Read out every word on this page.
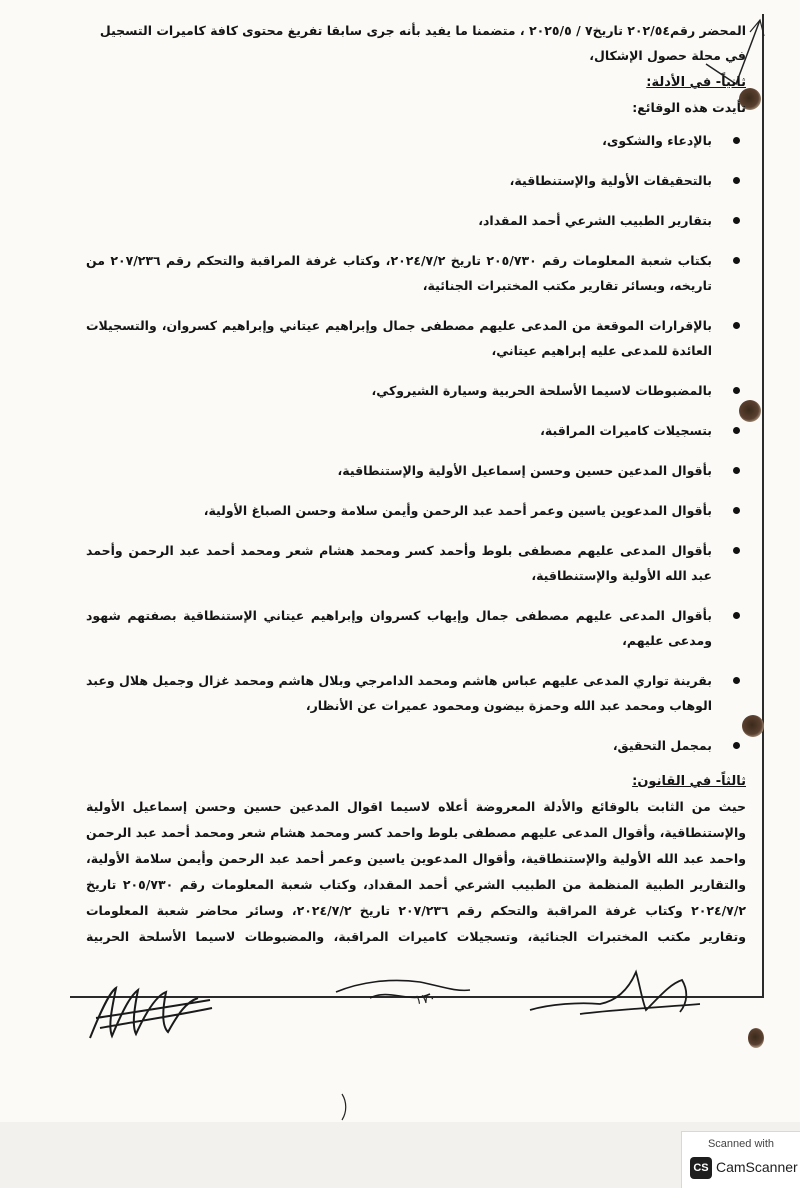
المحضر رقم٢٠٢/٥٤ تاريخ٧ / ٢٠٢٥/٥ ، متضمنا ما يفيد بأنه جرى سابقا تفريغ محتوى كافة كاميرات التسجيل

في محلة حصول الإشكال،

ثانياً- في الأدلة:

تأيدت هذه الوقائع:

بالإدعاء والشكوى،
بالتحقيقات الأولية والإستنطاقية،
بتقارير الطبيب الشرعي أحمد المقداد،
بكتاب شعبة المعلومات رقم ٢٠٥/٧٣٠ تاريخ ٢٠٢٤/٧/٢، وكتاب غرفة المراقبة والتحكم رقم ٢٠٧/٢٣٦ من تاريخه، وبسائر تقارير مكتب المختبرات الجنائية،
بالإقرارات الموقعة من المدعى عليهم مصطفى جمال وإبراهيم عيتاني وإبراهيم كسروان، والتسجيلات العائدة للمدعى عليه إبراهيم عيتاني،
بالمضبوطات لاسيما الأسلحة الحربية وسيارة الشيروكي،
بتسجيلات كاميرات المراقبة،
بأقوال المدعين حسين وحسن إسماعيل الأولية والإستنطاقية،
بأقوال المدعوين ياسين وعمر أحمد عبد الرحمن وأيمن سلامة وحسن الصباغ الأولية،
بأقوال المدعى عليهم مصطفى بلوط وأحمد كسر ومحمد هشام شعر ومحمد أحمد عبد الرحمن وأحمد عبد الله الأولية والإستنطاقية،
بأقوال المدعى عليهم مصطفى جمال وإيهاب كسروان وإبراهيم عيتاني الإستنطاقية بصفتهم شهود ومدعى عليهم،
بقرينة تواري المدعى عليهم عباس هاشم ومحمد الدامرجي وبلال هاشم ومحمد غزال وجميل هلال وعبد الوهاب ومحمد عبد الله وحمزة بيضون ومحمود عميرات عن الأنظار،
بمجمل التحقيق،

ثالثاً- في القانون:

حيث من الثابت بالوقائع والأدلة المعروضة أعلاه لاسيما اقوال المدعين حسين وحسن إسماعيل الأولية والإستنطاقية، وأقوال المدعى عليهم مصطفى بلوط واحمد كسر ومحمد هشام شعر ومحمد أحمد عبد الرحمن واحمد عبد الله الأولية والإستنطاقية، وأقوال المدعوين ياسين وعمر أحمد عبد الرحمن وأيمن سلامة الأولية، والتقارير الطبية المنظمة من الطبيب الشرعي أحمد المقداد، وكتاب شعبة المعلومات رقم ٢٠٥/٧٣٠ تاريخ ٢٠٢٤/٧/٢ وكتاب غرفة المراقبة والتحكم رقم ٢٠٧/٢٣٦ تاريخ ٢٠٢٤/٧/٢، وسائر محاضر شعبة المعلومات وتقارير مكتب المختبرات الجنائية، وتسجيلات كاميرات المراقبة، والمضبوطات لاسيما الأسلحة الحربية

١٧٠
Scanned with
CS CamScanner
